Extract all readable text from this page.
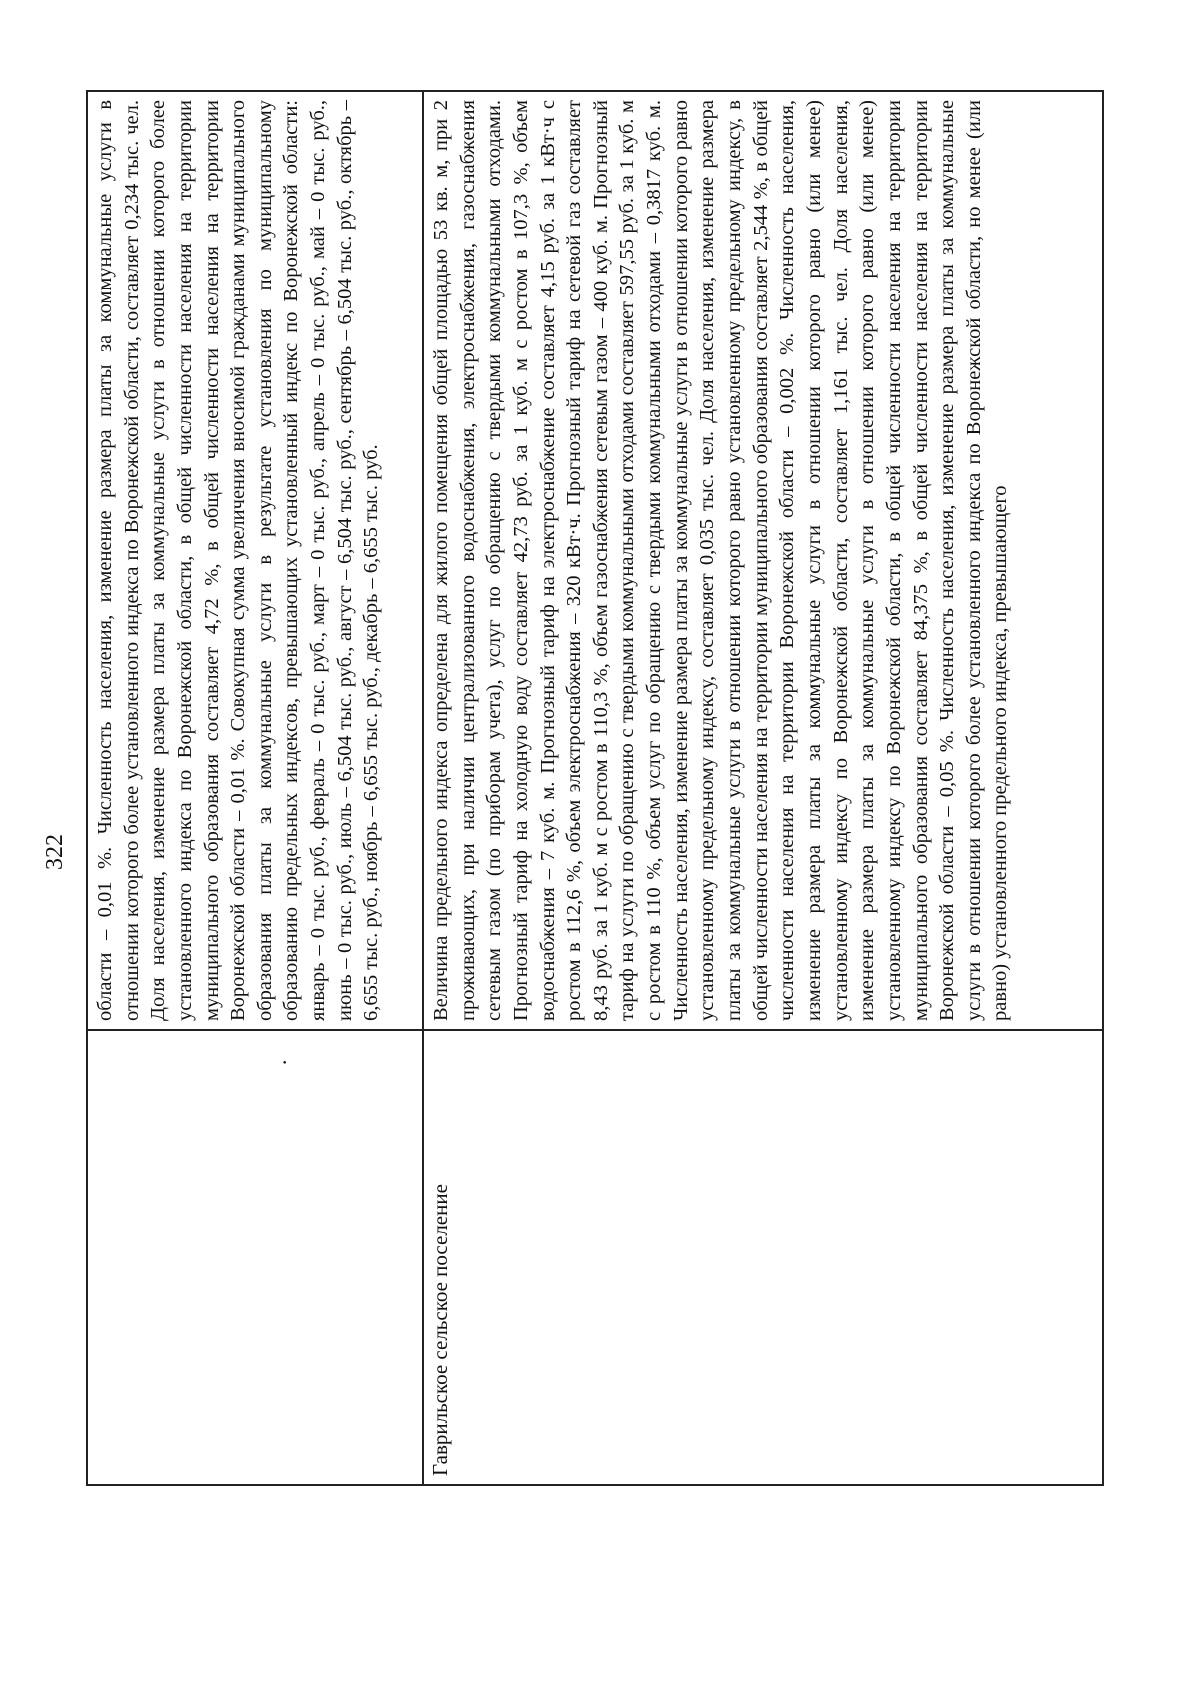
322

·	области – 0,01 %. Численность населения, изменение размера платы за коммунальные услуги в отношении которого более установленного индекса по Воронежской области, составляет 0,234 тыс. чел. Доля населения, изменение размера платы за коммунальные услуги в отношении которого более установленного индекса по Воронежской области, в общей численности населения на территории муниципального образования составляет 4,72 %, в общей численности населения на территории Воронежской области – 0,01 %. Совокупная сумма увеличения вносимой гражданами муниципального образования платы за коммунальные услуги в результате установления по муниципальному образованию предельных индексов, превышающих установленный индекс по Воронежской области: январь – 0 тыс. руб., февраль – 0 тыс. руб., март – 0 тыс. руб., апрель – 0 тыс. руб., май – 0 тыс. руб., июнь – 0 тыс. руб., июль – 6,504 тыс. руб., август – 6,504 тыс. руб., сентябрь – 6,504 тыс. руб., октябрь – 6,655 тыс. руб., ноябрь – 6,655 тыс. руб., декабрь – 6,655 тыс. руб.
Гаврильское сельское поселение	Величина предельного индекса определена для жилого помещения общей площадью 53 кв. м, при 2 проживающих, при наличии централизованного водоснабжения, электроснабжения, газоснабжения сетевым газом (по приборам учета), услуг по обращению с твердыми коммунальными отходами. Прогнозный тариф на холодную воду составляет 42,73 руб. за 1 куб. м с ростом в 107,3 %, объем водоснабжения – 7 куб. м. Прогнозный тариф на электроснабжение составляет 4,15 руб. за 1 кВт·ч с ростом в 112,6 %, объем электроснабжения – 320 кВт·ч. Прогнозный тариф на сетевой газ составляет 8,43 руб. за 1 куб. м с ростом в 110,3 %, объем газоснабжения сетевым газом – 400 куб. м. Прогнозный тариф на услуги по обращению с твердыми коммунальными отходами составляет 597,55 руб. за 1 куб. м с ростом в 110 %, объем услуг по обращению с твердыми коммунальными отходами – 0,3817 куб. м. Численность населения, изменение размера платы за коммунальные услуги в отношении которого равно установленному предельному индексу, составляет 0,035 тыс. чел. Доля населения, изменение размера платы за коммунальные услуги в отношении которого равно установленному предельному индексу, в общей численности населения на территории муниципального образования составляет 2,544 %, в общей численности населения на территории Воронежской области – 0,002 %. Численность населения, изменение размера платы за коммунальные услуги в отношении которого равно (или менее) установленному индексу по Воронежской области, составляет 1,161 тыс. чел. Доля населения, изменение размера платы за коммунальные услуги в отношении которого равно (или менее) установленному индексу по Воронежской области, в общей численности населения на территории муниципального образования составляет 84,375 %, в общей численности населения на территории Воронежской области – 0,05 %. Численность населения, изменение размера платы за коммунальные услуги в отношении которого более установленного индекса по Воронежской области, но менее (или равно) установленного предельного индекса, превышающего
